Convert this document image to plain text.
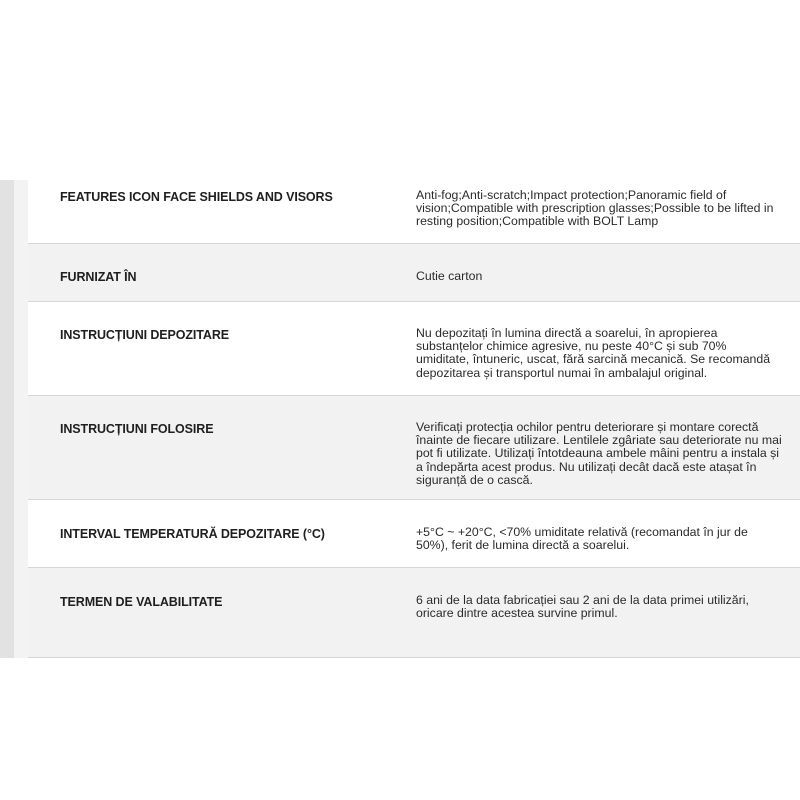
FEATURES ICON FACE SHIELDS AND VISORS	Anti-fog;Anti-scratch;Impact protection;Panoramic field of vision;Compatible with prescription glasses;Possible to be lifted in resting position;Compatible with BOLT Lamp
FURNIZAT ÎN	Cutie carton
INSTRUCȚIUNI DEPOZITARE	Nu depozitați în lumina directă a soarelui, în apropierea substanțelor chimice agresive, nu peste 40°C și sub 70% umiditate, întuneric, uscat, fără sarcină mecanică. Se recomandă depozitarea și transportul numai în ambalajul original.
INSTRUCȚIUNI FOLOSIRE	Verificați protecția ochilor pentru deteriorare și montare corectă înainte de fiecare utilizare. Lentilele zgâriate sau deteriorate nu mai pot fi utilizate. Utilizați întotdeauna ambele mâini pentru a instala și a îndepărta acest produs. Nu utilizați decât dacă este atașat în siguranță de o cască.
INTERVAL TEMPERATURĂ DEPOZITARE (°C)	+5°C ~ +20°C, <70% umiditate relativă (recomandat în jur de 50%), ferit de lumina directă a soarelui.
TERMEN DE VALABILITATE	6 ani de la data fabricației sau 2 ani de la data primei utilizări, oricare dintre acestea survine primul.
